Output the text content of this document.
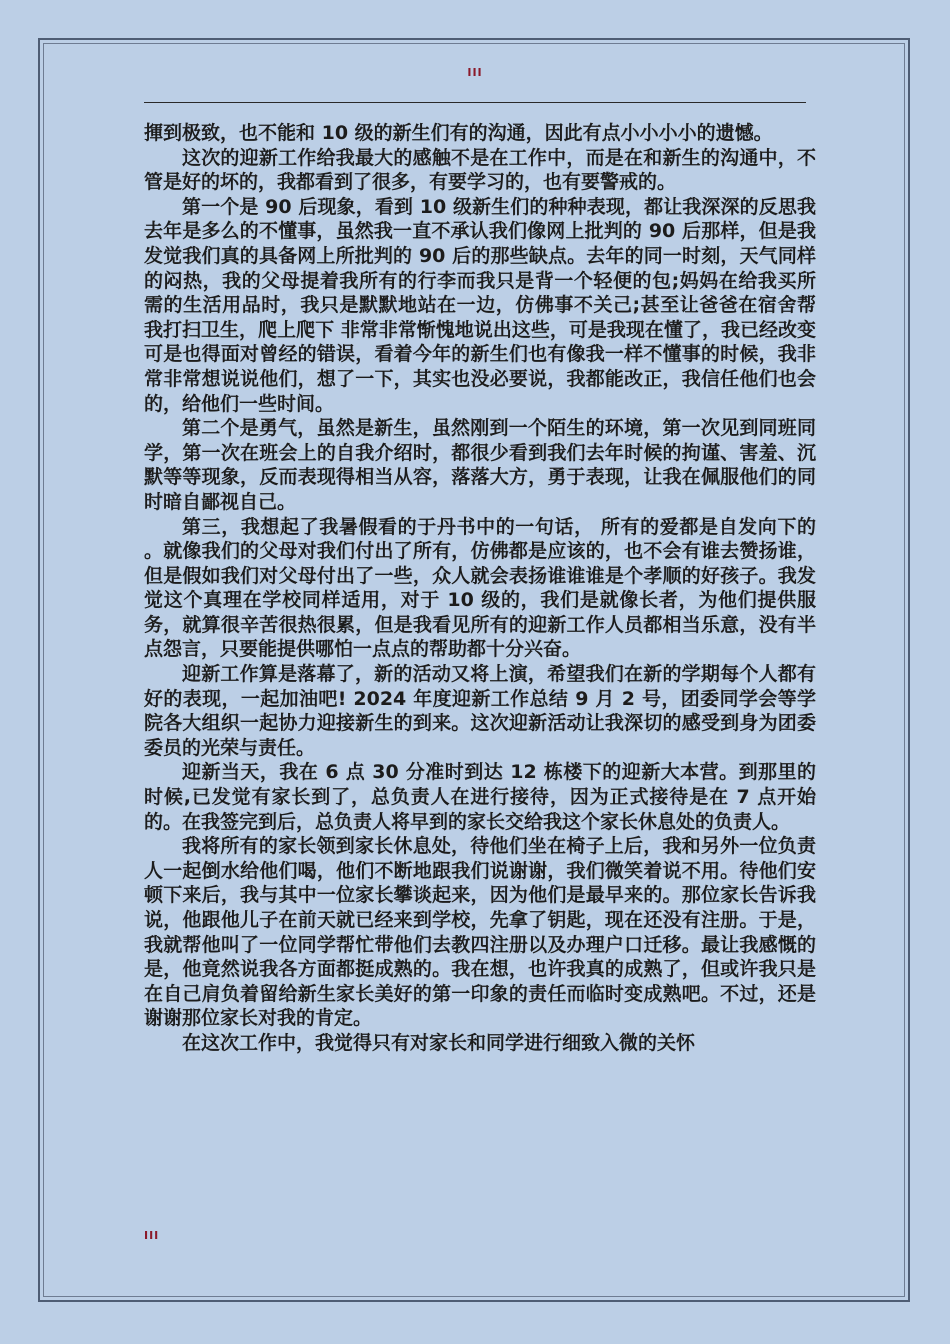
III

揮到极致，也不能和 10 级的新生们有的沟通，因此有点小小小小的遗憾。

这次的迎新工作给我最大的感触不是在工作中，而是在和新生的沟通中，不管是好的坏的，我都看到了很多，有要学习的，也有要警戒的。

第一个是 90 后现象，看到 10 级新生们的种种表现，都让我深深的反思我去年是多么的不懂事，虽然我一直不承认我们像网上批判的 90 后那样，但是我发觉我们真的具备网上所批判的 90 后的那些缺点。去年的同一时刻，天气同样的闷热，我的父母提着我所有的行李而我只是背一个轻便的包;妈妈在给我买所需的生活用品时，我只是默默地站在一边，仿佛事不关己;甚至让爸爸在宿舍帮我打扫卫生，爬上爬下 非常非常惭愧地说出这些，可是我现在懂了，我已经改变可是也得面对曾经的错误，看着今年的新生们也有像我一样不懂事的时候，我非常非常想说说他们，想了一下，其实也没必要说，我都能改正，我信任他们也会的，给他们一些时间。

第二个是勇气，虽然是新生，虽然刚到一个陌生的环境，第一次见到同班同学，第一次在班会上的自我介绍时，都很少看到我们去年时候的拘谨、害羞、沉默等等现象，反而表现得相当从容，落落大方，勇于表现，让我在佩服他们的同时暗自鄙视自己。

第三，我想起了我暑假看的于丹书中的一句话， 所有的爱都是自发向下的 。就像我们的父母对我们付出了所有，仿佛都是应该的，也不会有谁去赞扬谁，但是假如我们对父母付出了一些，众人就会表扬谁谁谁是个孝顺的好孩子。我发觉这个真理在学校同样适用，对于 10 级的，我们是就像长者，为他们提供服务，就算很辛苦很热很累，但是我看见所有的迎新工作人员都相当乐意，没有半点怨言，只要能提供哪怕一点点的帮助都十分兴奋。

迎新工作算是落幕了，新的活动又将上演，希望我们在新的学期每个人都有好的表现，一起加油吧! 2024 年度迎新工作总结 9 月 2 号，团委同学会等学院各大组织一起协力迎接新生的到来。这次迎新活动让我深切的感受到身为团委委员的光荣与责任。

迎新当天，我在 6 点 30 分准时到达 12 栋楼下的迎新大本营。到那里的时候,已发觉有家长到了，总负责人在进行接待，因为正式接待是在 7 点开始的。在我签完到后，总负责人将早到的家长交给我这个家长休息处的负责人。

我将所有的家长领到家长休息处，待他们坐在椅子上后，我和另外一位负责人一起倒水给他们喝，他们不断地跟我们说谢谢，我们微笑着说不用。待他们安顿下来后，我与其中一位家长攀谈起来，因为他们是最早来的。那位家长告诉我说，他跟他儿子在前天就已经来到学校，先拿了钥匙，现在还没有注册。于是，我就帮他叫了一位同学帮忙带他们去教四注册以及办理户口迁移。最让我感慨的是，他竟然说我各方面都挺成熟的。我在想，也许我真的成熟了，但或许我只是在自己肩负着留给新生家长美好的第一印象的责任而临时变成熟吧。不过，还是谢谢那位家长对我的肯定。

在这次工作中，我觉得只有对家长和同学进行细致入微的关怀

III
